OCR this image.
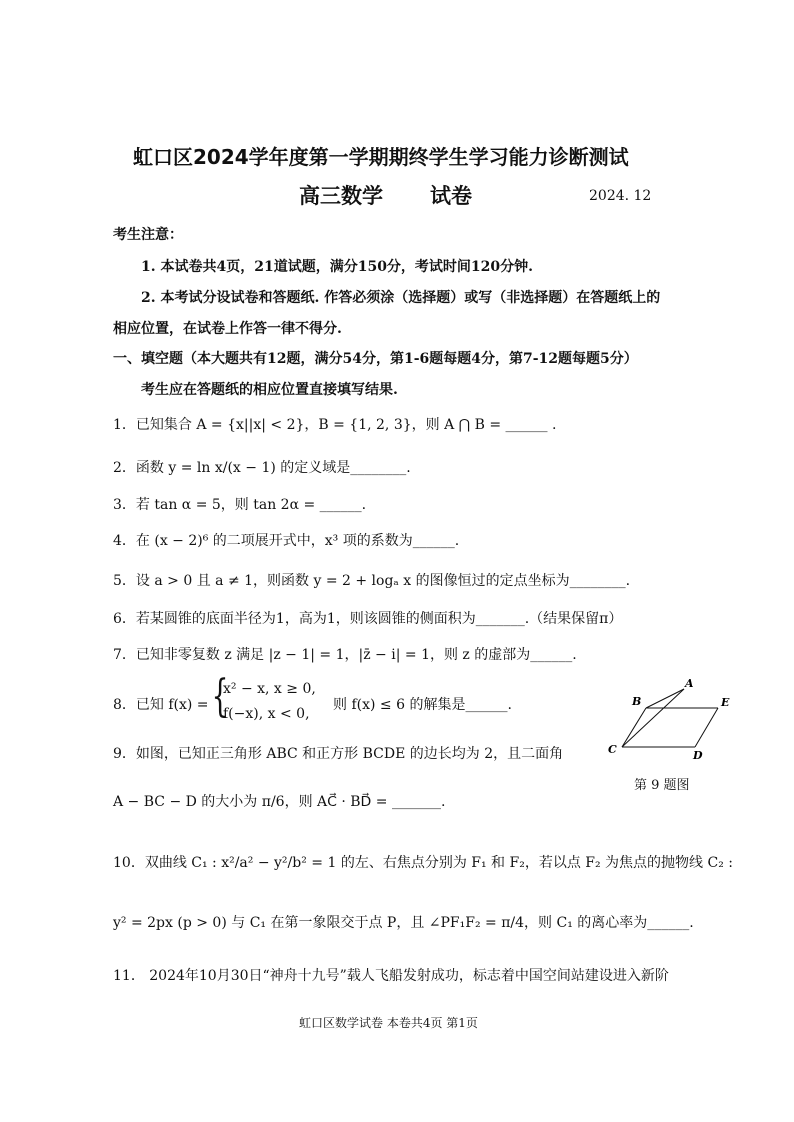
虹口区2024学年度第一学期期终学生学习能力诊断测试
高三数学 试卷	2024. 12
考生注意：
1. 本试卷共4页，21道试题，满分150分，考试时间120分钟.
2. 本考试分设试卷和答题纸. 作答必须涂（选择题）或写（非选择题）在答题纸上的
相应位置，在试卷上作答一律不得分.
一、填空题（本大题共有12题，满分54分，第1-6题每题4分，第7-12题每题5分）
考生应在答题纸的相应位置直接填写结果.
1．已知集合 A = {x||x| < 2}，B = {1, 2, 3}，则 A ⋂ B = ______ .
2．函数 y = ln x/(x − 1) 的定义域是________.
3．若 tan α = 5，则 tan 2α = ______.
4．在 (x − 2)⁶ 的二项展开式中，x³ 项的系数为______.
5．设 a > 0 且 a ≠ 1，则函数 y = 2 + logₐ x 的图像恒过的定点坐标为________.
6．若某圆锥的底面半径为1，高为1，则该圆锥的侧面积为_______.（结果保留π）
7．已知非零复数 z 满足 |z − 1| = 1，|z̄ − i| = 1，则 z 的虚部为______.
8．已知 f(x) = {
x² − x, x ≥ 0,
f(−x), x < 0,
则 f(x) ≤ 6 的解集是______.
9．如图，已知正三角形 ABC 和正方形 BCDE 的边长均为 2，且二面角
A − BC − D 的大小为 π/6，则 AC⃗ · BD⃗ = _______.
A
B
C	D
E
第 9 题图
10．双曲线 C₁ : x²/a² − y²/b² = 1 的左、右焦点分别为 F₁ 和 F₂，若以点 F₂ 为焦点的抛物线 C₂ :
y² = 2px (p > 0) 与 C₁ 在第一象限交于点 P，且 ∠PF₁F₂ = π/4，则 C₁ 的离心率为______.
11． 2024年10月30日“神舟十九号”载人飞船发射成功，标志着中国空间站建设进入新阶
虹口区数学试卷 本卷共4页 第1页
